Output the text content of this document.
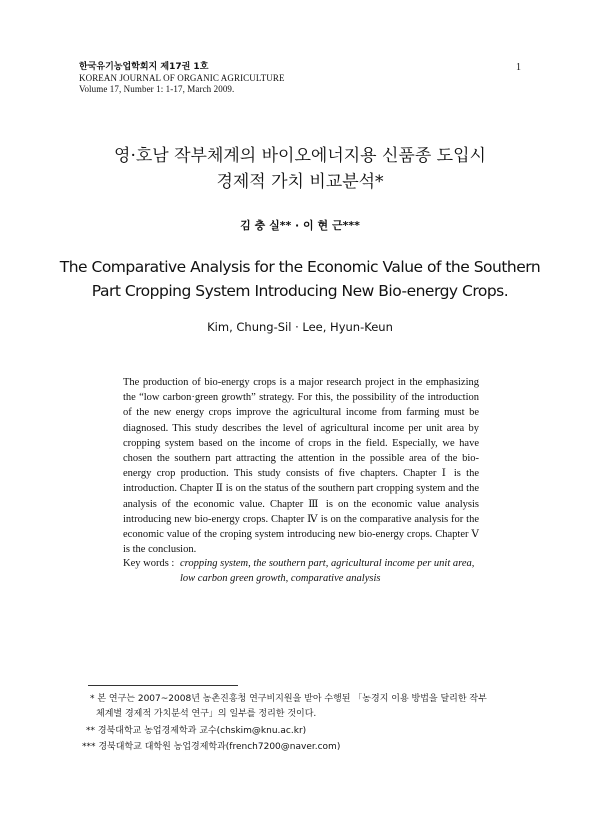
한국유기농업학회지 제17권 1호
KOREAN JOURNAL OF ORGANIC AGRICULTURE
Volume 17, Number 1: 1-17, March 2009.
1
영·호남 작부체계의 바이오에너지용 신품종 도입시
경제적 가치 비교분석*
김 충 실** · 이 현 근***
The Comparative Analysis for the Economic Value of the Southern
Part Cropping System Introducing New Bio-energy Crops.
Kim, Chung-Sil · Lee, Hyun-Keun
The production of bio-energy crops is a major research project in the emphasizing the “low carbon·green growth” strategy. For this, the possibility of the introduction of the new energy crops improve the agricultural income from farming must be diagnosed. This study describes the level of agricultural income per unit area by cropping system based on the income of crops in the field. Especially, we have chosen the southern part attracting the attention in the possible area of the bio-energy crop production. This study consists of five chapters. Chapter Ⅰ is the introduction. Chapter Ⅱ is on the status of the southern part cropping system and the analysis of the economic value. Chapter Ⅲ is on the economic value analysis introducing new bio-energy crops. Chapter Ⅳ is on the comparative analysis for the economic value of the croping system introducing new bio-energy crops. Chapter Ⅴ is the conclusion.
Key words : cropping system, the southern part, agricultural income per unit area,
low carbon green growth, comparative analysis
* 본 연구는 2007~2008년 농촌진흥청 연구비지원을 받아 수행된 「농경지 이용 방법을 달리한 작부
체계별 경제적 가치분석 연구」의 일부를 정리한 것이다.
** 경북대학교 농업경제학과 교수(chskim@knu.ac.kr)
*** 경북대학교 대학원 농업경제학과(french7200@naver.com)
